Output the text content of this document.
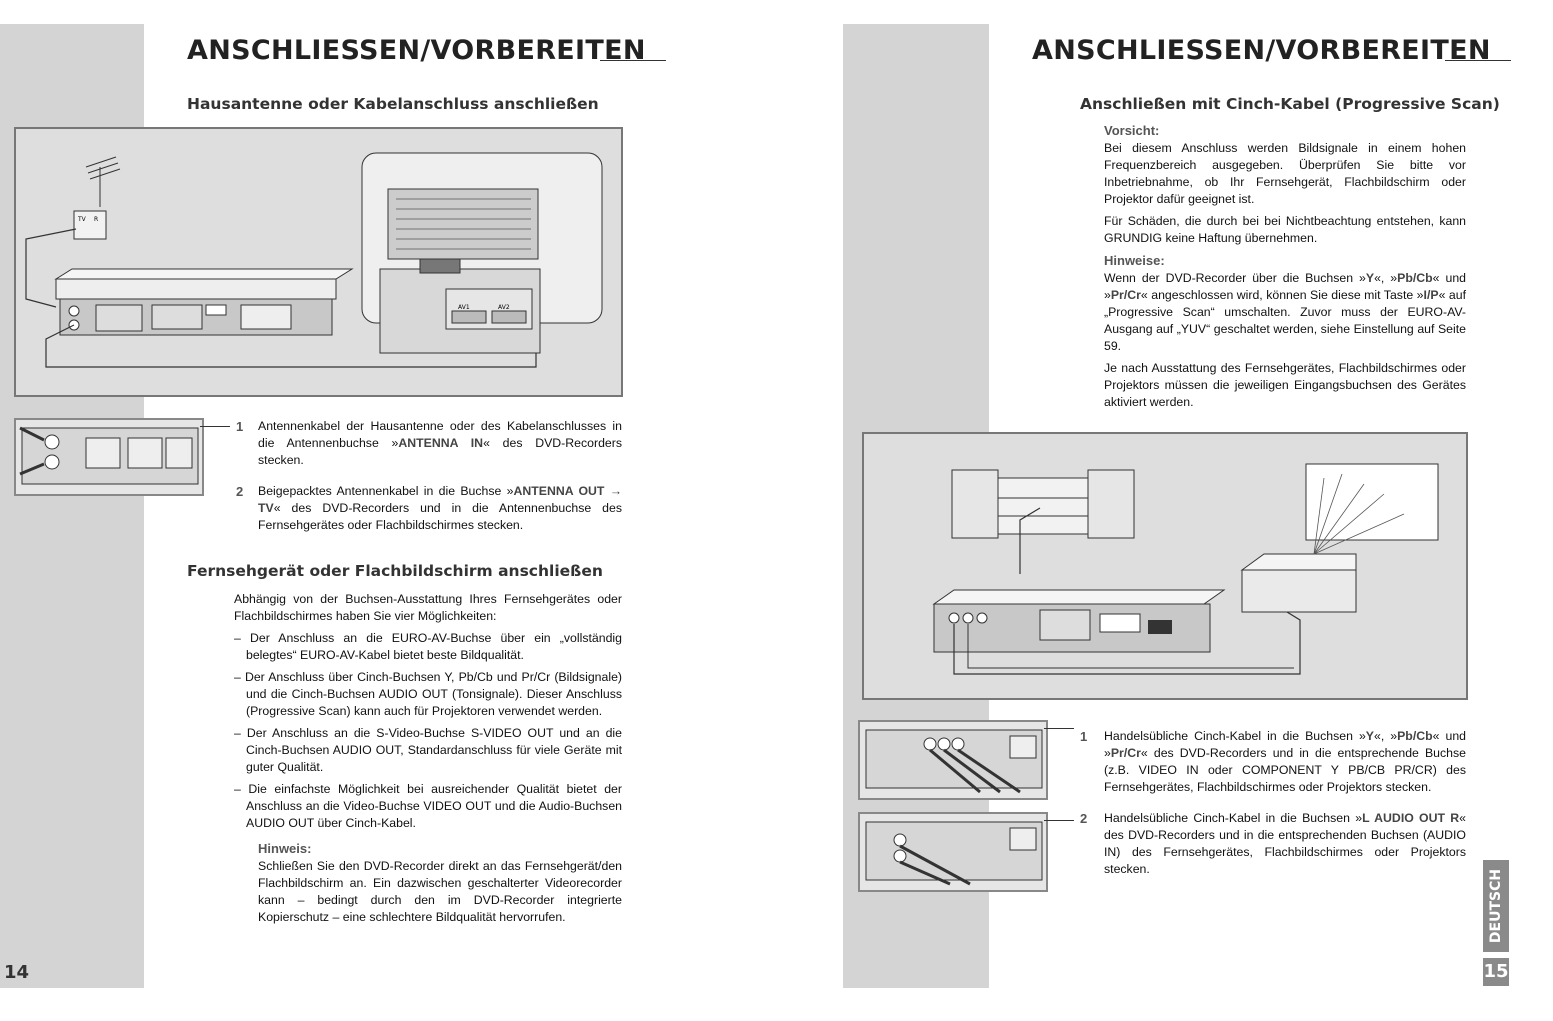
ANSCHLIESSEN/VORBEREITEN
Hausantenne oder Kabelanschluss anschließen
TV R
AV1	AV2
1	Antennenkabel der Hausantenne oder des Kabelanschlusses in die Antennenbuchse »ANTENNA IN« des DVD-Recorders stecken.

2	Beigepacktes Antennenkabel in die Buchse »ANTENNA OUT → TV« des DVD-Recorders und in die Antennenbuchse des Fernsehgerätes oder Flachbildschirmes stecken.

Fernsehgerät oder Flachbildschirm anschließen

Abhängig von der Buchsen-Ausstattung Ihres Fernsehgerätes oder Flachbildschirmes haben Sie vier Möglichkeiten:

– Der Anschluss an die EURO-AV-Buchse über ein „vollständig belegtes“ EURO-AV-Kabel bietet beste Bildqualität.

– Der Anschluss über Cinch-Buchsen Y, Pb/Cb und Pr/Cr (Bildsignale) und die Cinch-Buchsen AUDIO OUT (Tonsignale). Dieser Anschluss (Progressive Scan) kann auch für Projektoren verwendet werden.

– Der Anschluss an die S-Video-Buchse S-VIDEO OUT und an die Cinch-Buchsen AUDIO OUT, Standardanschluss für viele Geräte mit guter Qualität.

– Die einfachste Möglichkeit bei ausreichender Qualität bietet der Anschluss an die Video-Buchse VIDEO OUT und die Audio-Buchsen AUDIO OUT über Cinch-Kabel.

Hinweis:

Schließen Sie den DVD-Recorder direkt an das Fernsehgerät/den Flachbildschirm an. Ein dazwischen geschalterter Videorecorder kann – bedingt durch den im DVD-Recorder integrierte Kopierschutz – eine schlechtere Bildqualität hervorrufen.

14
ANSCHLIESSEN/VORBEREITEN
Anschließen mit Cinch-Kabel (Progressive Scan)
Vorsicht:

Bei diesem Anschluss werden Bildsignale in einem hohen Frequenzbereich ausgegeben. Überprüfen Sie bitte vor Inbetriebnahme, ob Ihr Fernsehgerät, Flachbildschirm oder Projektor dafür geeignet ist.

Für Schäden, die durch bei bei Nichtbeachtung entstehen, kann GRUNDIG keine Haftung übernehmen.

Hinweise:

Wenn der DVD-Recorder über die Buchsen »Y«, »Pb/Cb« und »Pr/Cr« angeschlossen wird, können Sie diese mit Taste »I/P« auf „Progressive Scan“ umschalten. Zuvor muss der EURO-AV-Ausgang auf „YUV“ geschaltet werden, siehe Einstellung auf Seite 59.

Je nach Ausstattung des Fernsehgerätes, Flachbildschirmes oder Projektors müssen die jeweiligen Eingangsbuchsen des Gerätes aktiviert werden.

1	Handelsübliche Cinch-Kabel in die Buchsen »Y«, »Pb/Cb« und »Pr/Cr« des DVD-Recorders und in die entsprechende Buchse (z.B. VIDEO IN oder COMPONENT Y PB/CB PR/CR) des Fernsehgerätes, Flachbildschirmes oder Projektors stecken.

2	Handelsübliche Cinch-Kabel in die Buchsen »L AUDIO OUT R« des DVD-Recorders und in die entsprechenden Buchsen (AUDIO IN) des Fernsehgerätes, Flachbildschirmes oder Projektors stecken.	DEUTSCH
15
